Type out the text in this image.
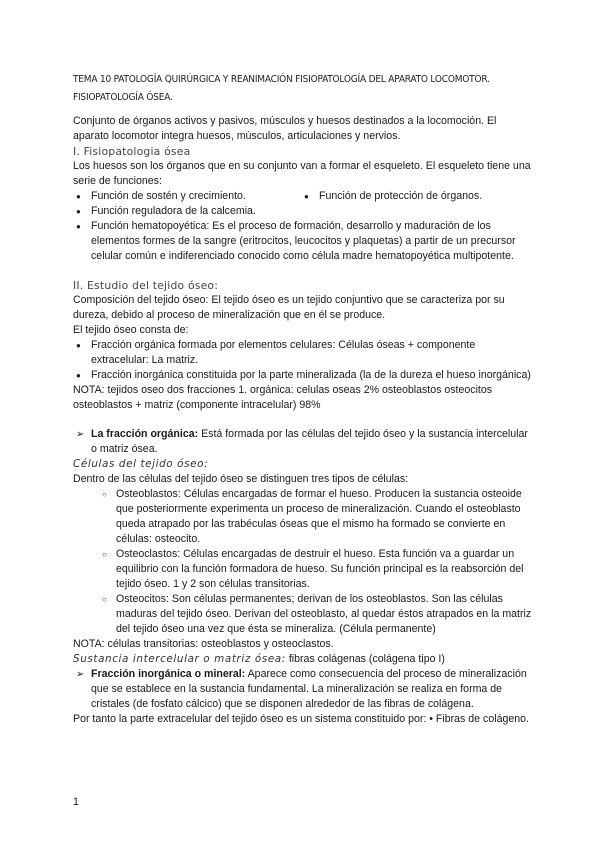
TEMA 10 PATOLOGÍA QUIRÚRGICA Y REANIMACIÓN FISIOPATOLOGÍA DEL APARATO LOCOMOTOR. FISIOPATOLOGÍA ÓSEA.

Conjunto de órganos activos y pasivos, músculos y huesos destinados a la locomoción. El aparato locomotor integra huesos, músculos, articulaciones y nervios.

I. Fisiopatologia ósea

Los huesos son los órganos que en su conjunto van a formar el esqueleto. El esqueleto tiene una serie de funciones:

● Función de sostén y crecimiento.

●	Función de protección de órganos.

● Función reguladora de la calcemia.

● Función hematopoyética: Es el proceso de formación, desarrollo y maduración de los elementos formes de la sangre (eritrocitos, leucocitos y plaquetas) a partir de un precursor celular común e indiferenciado conocido como célula madre hematopoyética multipotente.

II. Estudio del tejido óseo:

Composición del tejido óseo: El tejido óseo es un tejido conjuntivo que se caracteriza por su dureza, debido al proceso de mineralización que en él se produce.

El tejido óseo consta de:

● Fracción orgánica formada por elementos celulares: Células óseas + componente extracelular: La matriz.

● Fracción inorgánica constituida por la parte mineralizada (la de la dureza el hueso inorgánica)

NOTA: tejidos oseo dos fracciones 1. orgánica: celulas oseas 2% osteoblastos osteocitos osteoblastos + matriz (componente intracelular) 98%

➢ La fracción orgánica: Está formada por las células del tejido óseo y la sustancia intercelular o matriz ósea.

Células del tejido óseo:

Dentro de las células del tejido óseo se distinguen tres tipos de células:

○ Osteoblastos: Células encargadas de formar el hueso. Producen la sustancia osteoide que posteriormente experimenta un proceso de mineralización. Cuando el osteoblasto queda atrapado por las trabéculas óseas que el mismo ha formado se convierte en células: osteocito.

○ Osteoclastos: Células encargadas de destruir el hueso. Esta función va a guardar un equilibrio con la función formadora de hueso. Su función principal es la reabsorción del tejido óseo. 1 y 2 son células transitorias.

○ Osteocitos: Son células permanentes; derivan de los osteoblastos. Son las células maduras del tejido óseo. Derivan del osteoblasto, al quedar éstos atrapados en la matriz del tejido óseo una vez que ésta se mineraliza. (Célula permanente)

NOTA: células transitorias: osteoblastos y osteoclastos.

Sustancia intercelular o matriz ósea: fibras colágenas (colágena tipo I)

➢ Fracción inorgánica o mineral: Aparece como consecuencia del proceso de mineralización que se establece en la sustancia fundamental. La mineralización se realiza en forma de cristales (de fosfato cálcico) que se disponen alrededor de las fibras de colágena.

Por tanto la parte extracelular del tejido óseo es un sistema constituido por: • Fibras de colágeno.

1
